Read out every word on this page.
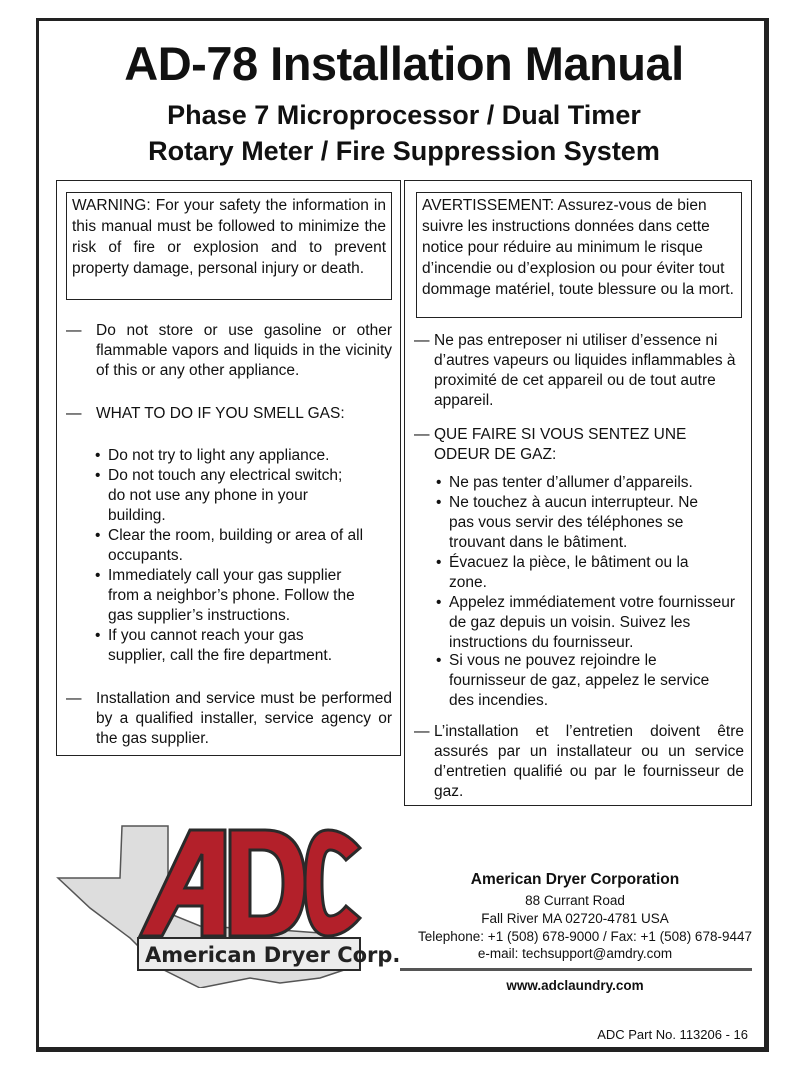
AD-78 Installation Manual
Phase 7 Microprocessor / Dual Timer
Rotary Meter / Fire Suppression System
WARNING: For your safety the information in this manual must be followed to minimize the risk of fire or explosion and to prevent property damage, personal injury or death.
AVERTISSEMENT: Assurez-vous de bien suivre les instructions données dans cette notice pour réduire au minimum le risque d’incendie ou d’explosion ou pour éviter tout dommage matériel, toute blessure ou la mort.
— Do not store or use gasoline or other flammable vapors and liquids in the vicinity of this or any other appliance.
— WHAT TO DO IF YOU SMELL GAS:
• Do not try to light any appliance.
• Do not touch any electrical switch; do not use any phone in your building.
• Clear the room, building or area of all occupants.
• Immediately call your gas supplier from a neighbor’s phone. Follow the gas supplier’s instructions.
• If you cannot reach your gas supplier, call the fire department.
— Installation and service must be performed by a qualified installer, service agency or the gas supplier.
— Ne pas entreposer ni utiliser d’essence ni d’autres vapeurs ou liquides inflammables à proximité de cet appareil ou de tout autre appareil.
— QUE FAIRE SI VOUS SENTEZ UNE ODEUR DE GAZ:
• Ne pas tenter d’allumer d’appareils.
• Ne touchez à aucun interrupteur. Ne pas vous servir des téléphones se trouvant dans le bâtiment.
• Évacuez la pièce, le bâtiment ou la zone.
• Appelez immédiatement votre fournisseur de gaz depuis un voisin. Suivez les instructions du fournisseur.
• Si vous ne pouvez rejoindre le fournisseur de gaz, appelez le service des incendies.
— L’installation et l’entretien doivent être assurés par un installateur ou un service d’entretien qualifié ou par le fournisseur de gaz.
American Dryer Corp.
American Dryer Corporation
88 Currant Road
Fall River MA 02720-4781 USA
Telephone: +1 (508) 678-9000 / Fax: +1 (508) 678-9447
e-mail: techsupport@amdry.com
www.adclaundry.com
ADC Part No. 113206 - 16
